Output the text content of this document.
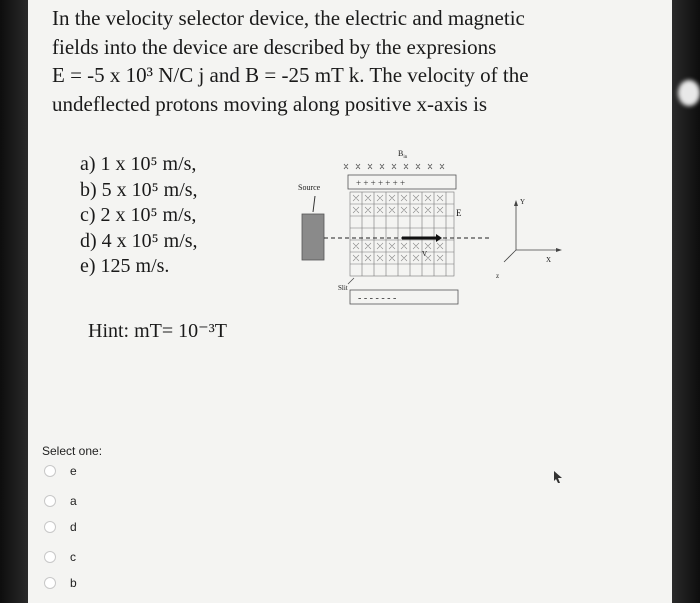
In the velocity selector device, the electric and magnetic
fields into the device are described by the expresions
E = -5 x 10³ N/C j and B = -25 mT k. The velocity of the
undeflected protons moving along positive x-axis is
a) 1 x 10⁵ m/s,
b) 5 x 10⁵ m/s,
c) 2 x 10⁵ m/s,
d) 4 x 10⁵ m/s,
e) 125 m/s.
$B_{in}$
Source	+ + + + + + +
E
V
Slit
- - - - - - -
Y
X
z
Hint: mT= 10⁻³T
Select one:
e
a
d
c
b
